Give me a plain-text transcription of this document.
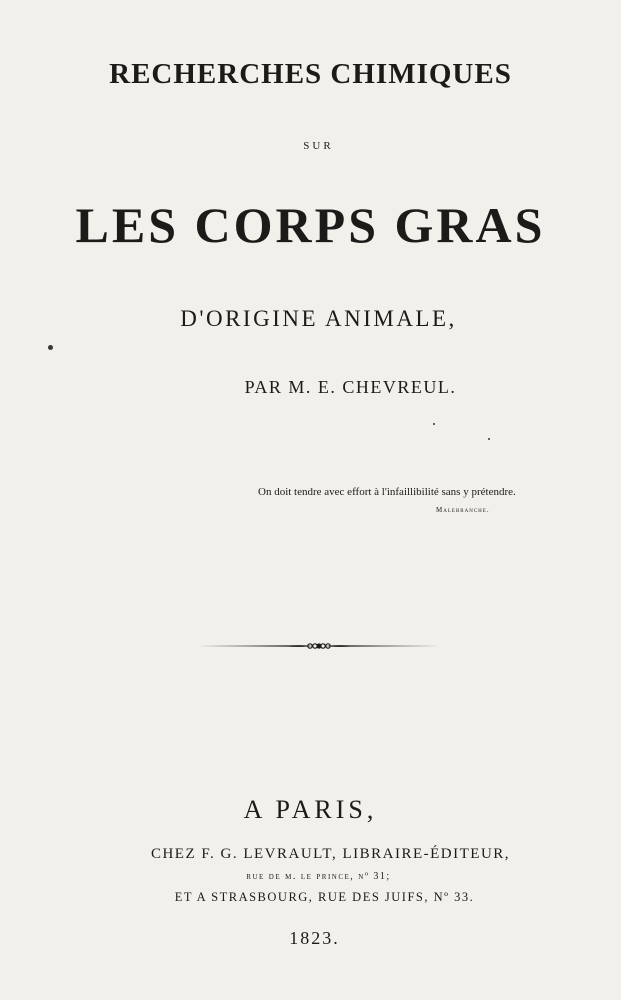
RECHERCHES CHIMIQUES
SUR
LES CORPS GRAS
D'ORIGINE ANIMALE,
PAR M. E. CHEVREUL.
On doit tendre avec effort à l'infaillibilité sans y prétendre.
Malebranche.
A PARIS,
CHEZ F. G. LEVRAULT, LIBRAIRE-ÉDITEUR,
rue de m. le prince, nº 31;
ET A STRASBOURG, RUE DES JUIFS, Nº 33.
1823.
